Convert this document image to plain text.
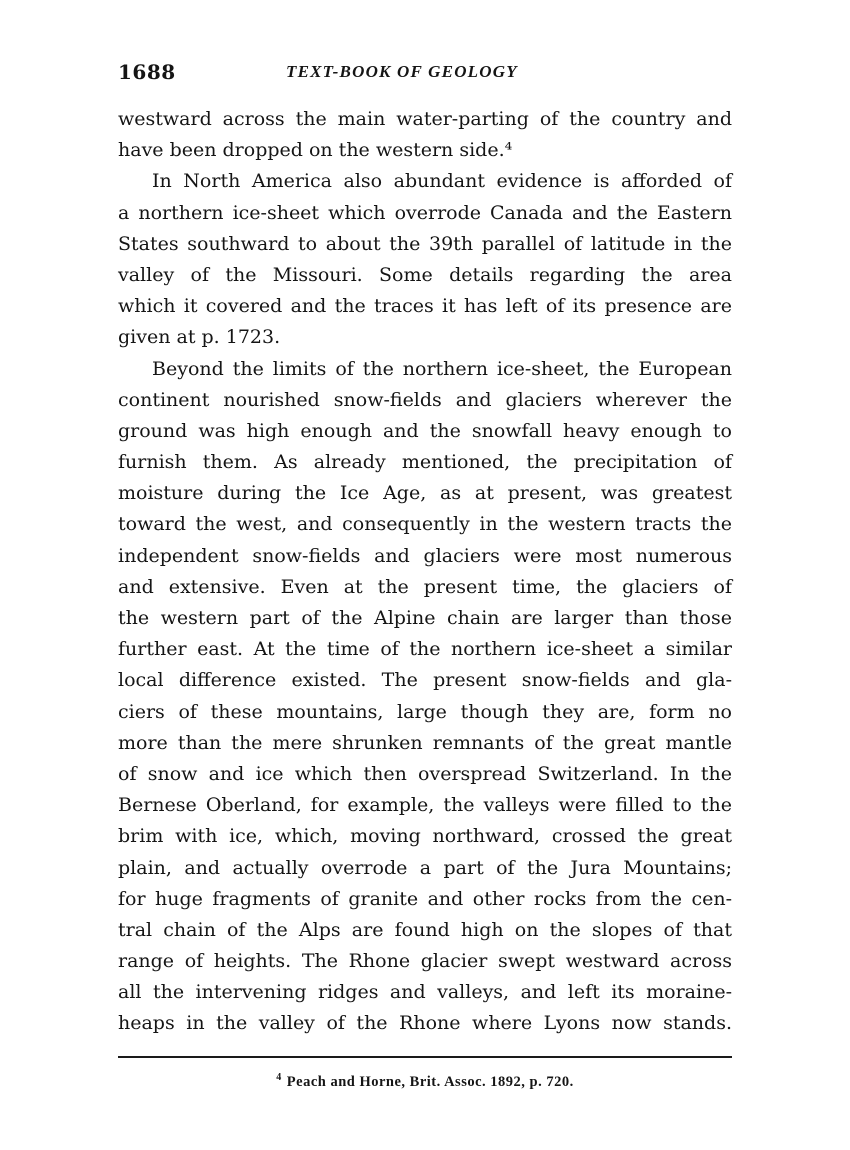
1688	TEXT-BOOK OF GEOLOGY
westward across the main water-parting of the country and
have been dropped on the western side.⁴
In North America also abundant evidence is afforded of
a northern ice-sheet which overrode Canada and the Eastern
States southward to about the 39th parallel of latitude in the
valley of the Missouri. Some details regarding the area
which it covered and the traces it has left of its presence are
given at p. 1723.
Beyond the limits of the northern ice-sheet, the European
continent nourished snow-fields and glaciers wherever the
ground was high enough and the snowfall heavy enough to
furnish them. As already mentioned, the precipitation of
moisture during the Ice Age, as at present, was greatest
toward the west, and consequently in the western tracts the
independent snow-fields and glaciers were most numerous
and extensive. Even at the present time, the glaciers of
the western part of the Alpine chain are larger than those
further east. At the time of the northern ice-sheet a similar
local difference existed. The present snow-fields and gla-
ciers of these mountains, large though they are, form no
more than the mere shrunken remnants of the great mantle
of snow and ice which then overspread Switzerland. In the
Bernese Oberland, for example, the valleys were filled to the
brim with ice, which, moving northward, crossed the great
plain, and actually overrode a part of the Jura Mountains;
for huge fragments of granite and other rocks from the cen-
tral chain of the Alps are found high on the slopes of that
range of heights. The Rhone glacier swept westward across
all the intervening ridges and valleys, and left its moraine-
heaps in the valley of the Rhone where Lyons now stands.
$^4$ Peach and Horne, Brit. Assoc. 1892, p. 720.
